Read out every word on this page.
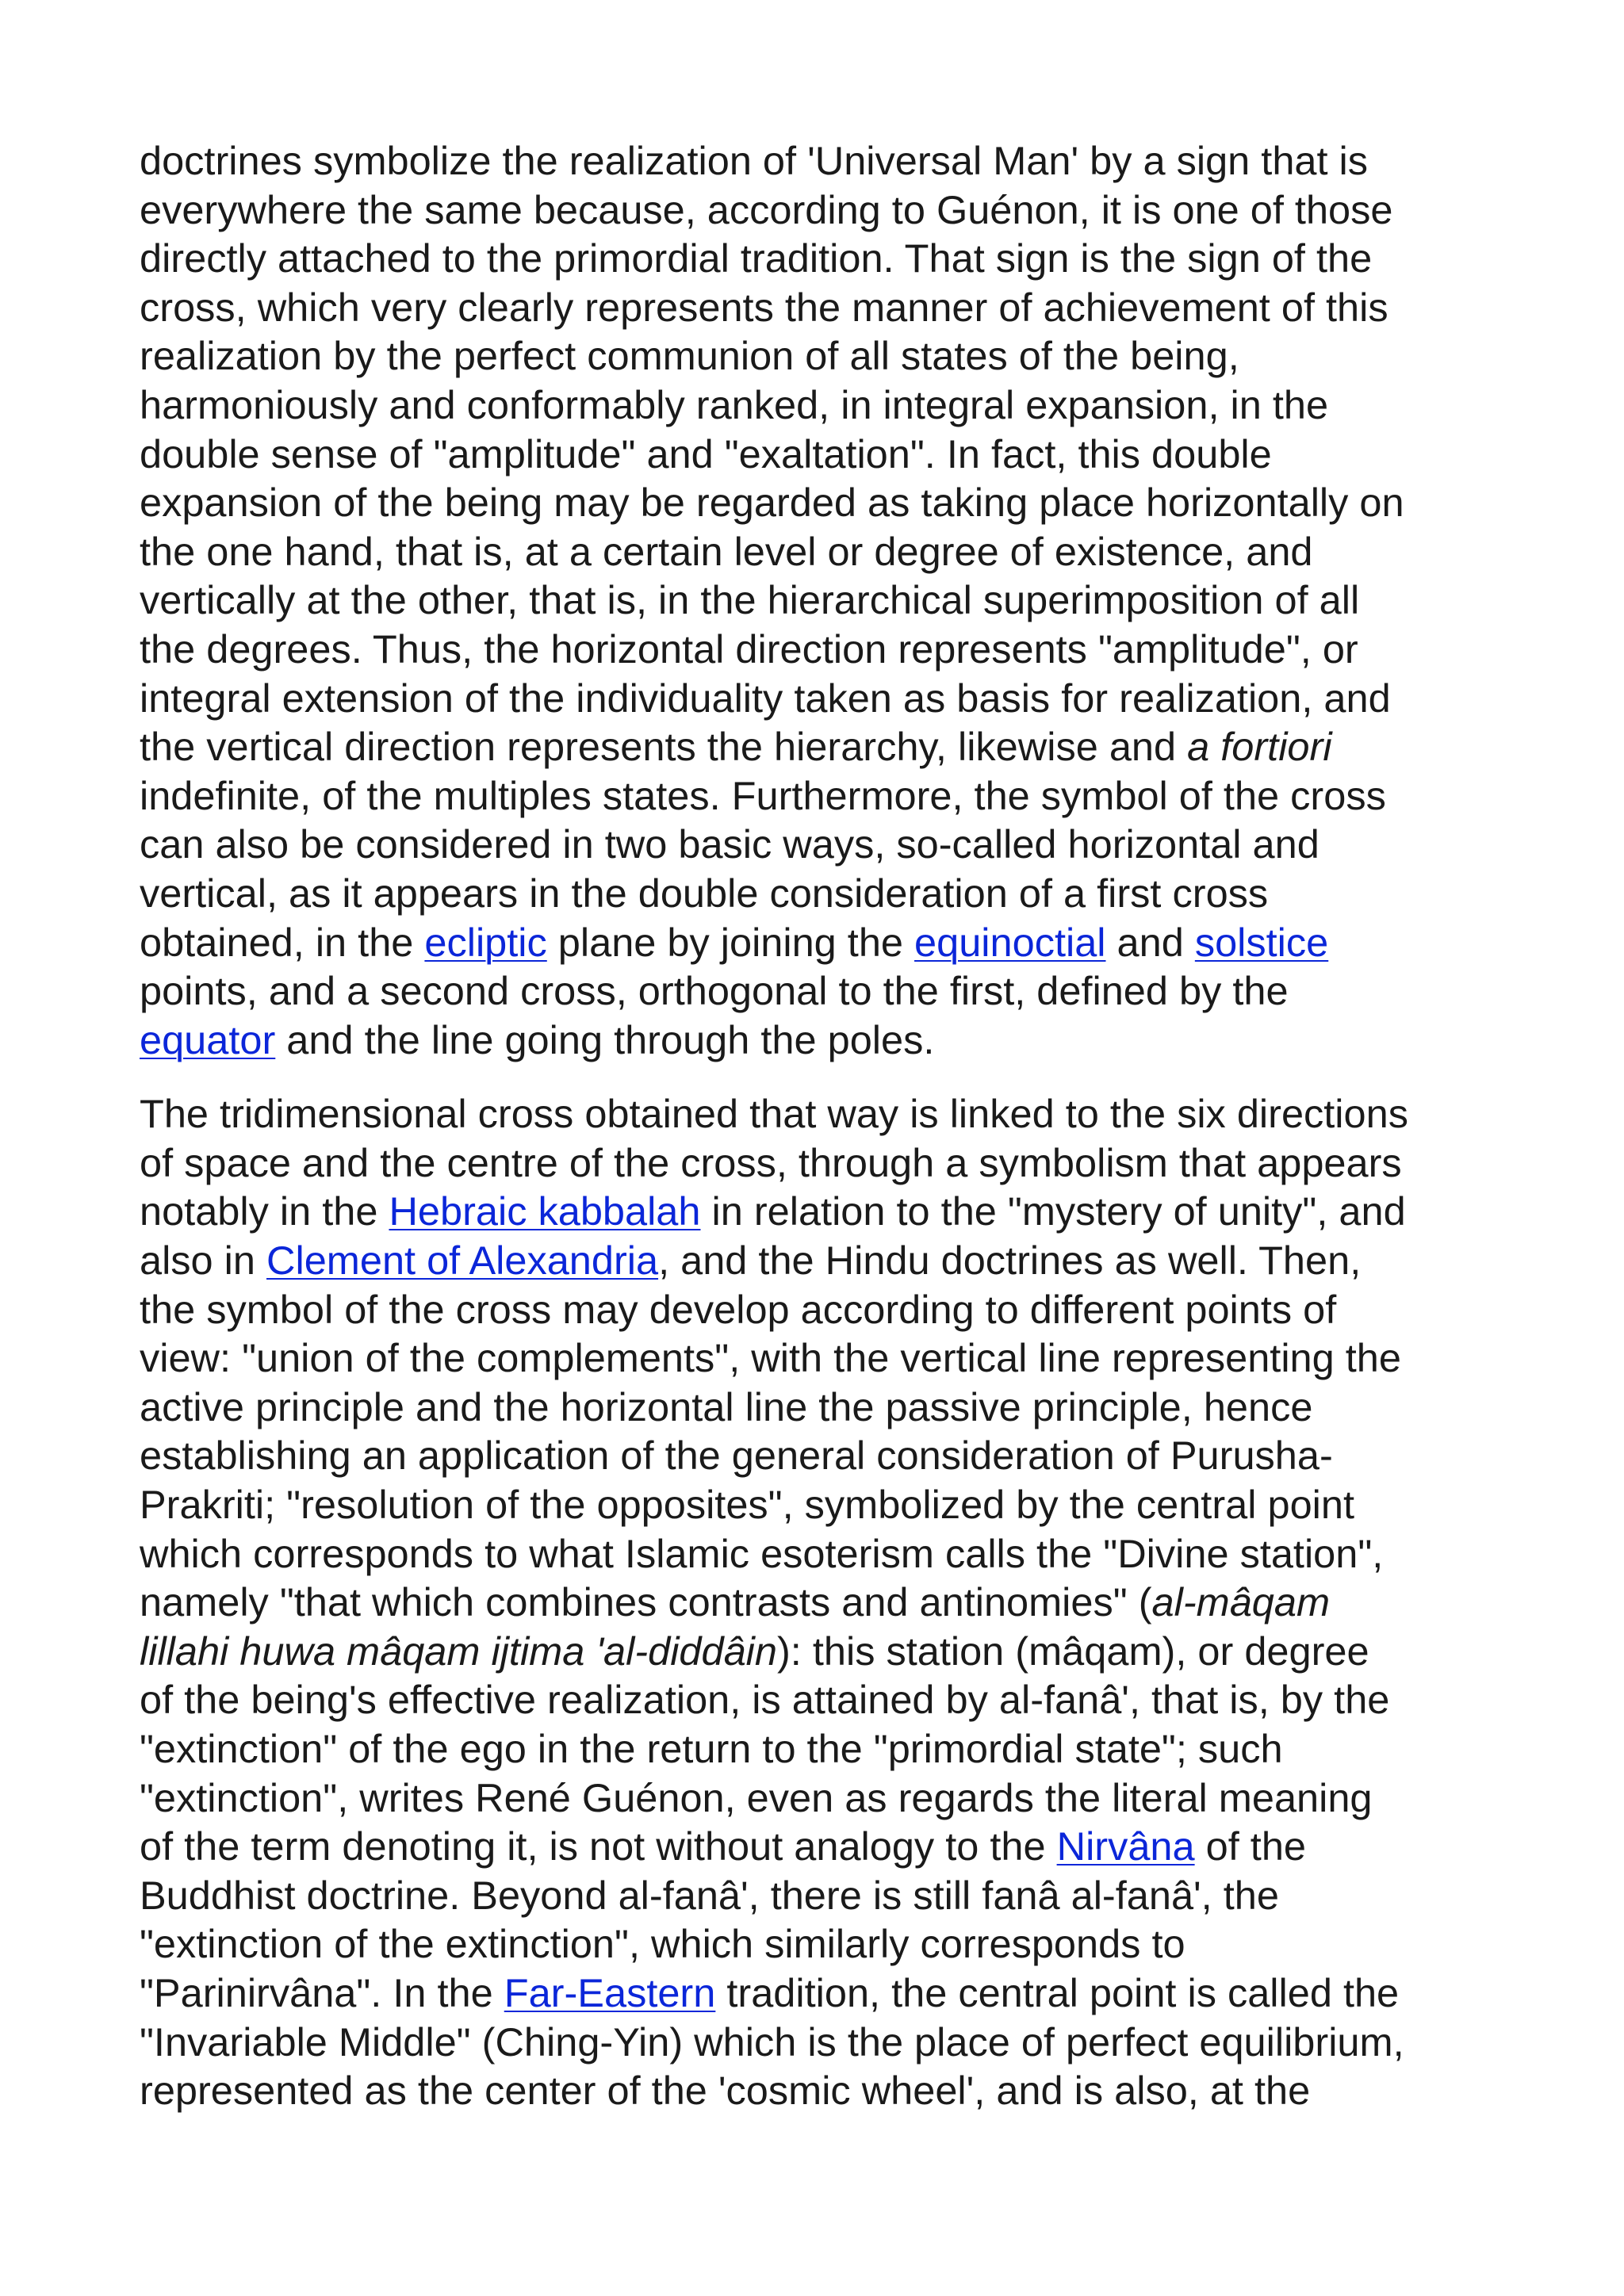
doctrines symbolize the realization of 'Universal Man' by a sign that is
everywhere the same because, according to Guénon, it is one of those
directly attached to the primordial tradition. That sign is the sign of the
cross, which very clearly represents the manner of achievement of this
realization by the perfect communion of all states of the being,
harmoniously and conformably ranked, in integral expansion, in the
double sense of "amplitude" and "exaltation". In fact, this double
expansion of the being may be regarded as taking place horizontally on
the one hand, that is, at a certain level or degree of existence, and
vertically at the other, that is, in the hierarchical superimposition of all
the degrees. Thus, the horizontal direction represents "amplitude", or
integral extension of the individuality taken as basis for realization, and
the vertical direction represents the hierarchy, likewise and a fortiori
indefinite, of the multiples states. Furthermore, the symbol of the cross
can also be considered in two basic ways, so-called horizontal and
vertical, as it appears in the double consideration of a first cross
obtained, in the ecliptic plane by joining the equinoctial and solstice
points, and a second cross, orthogonal to the first, defined by the
equator and the line going through the poles.
The tridimensional cross obtained that way is linked to the six directions
of space and the centre of the cross, through a symbolism that appears
notably in the Hebraic kabbalah in relation to the "mystery of unity", and
also in Clement of Alexandria, and the Hindu doctrines as well. Then,
the symbol of the cross may develop according to different points of
view: "union of the complements", with the vertical line representing the
active principle and the horizontal line the passive principle, hence
establishing an application of the general consideration of Purusha-
Prakriti; "resolution of the opposites", symbolized by the central point
which corresponds to what Islamic esoterism calls the "Divine station",
namely "that which combines contrasts and antinomies" (al-mâqam
lillahi huwa mâqam ijtima 'al-diddâin): this station (mâqam), or degree
of the being's effective realization, is attained by al-fanâ', that is, by the
"extinction" of the ego in the return to the "primordial state"; such
"extinction", writes René Guénon, even as regards the literal meaning
of the term denoting it, is not without analogy to the Nirvâna of the
Buddhist doctrine. Beyond al-fanâ', there is still fanâ al-fanâ', the
"extinction of the extinction", which similarly corresponds to
"Parinirvâna". In the Far-Eastern tradition, the central point is called the
"Invariable Middle" (Ching-Yin) which is the place of perfect equilibrium,
represented as the center of the 'cosmic wheel', and is also, at the
